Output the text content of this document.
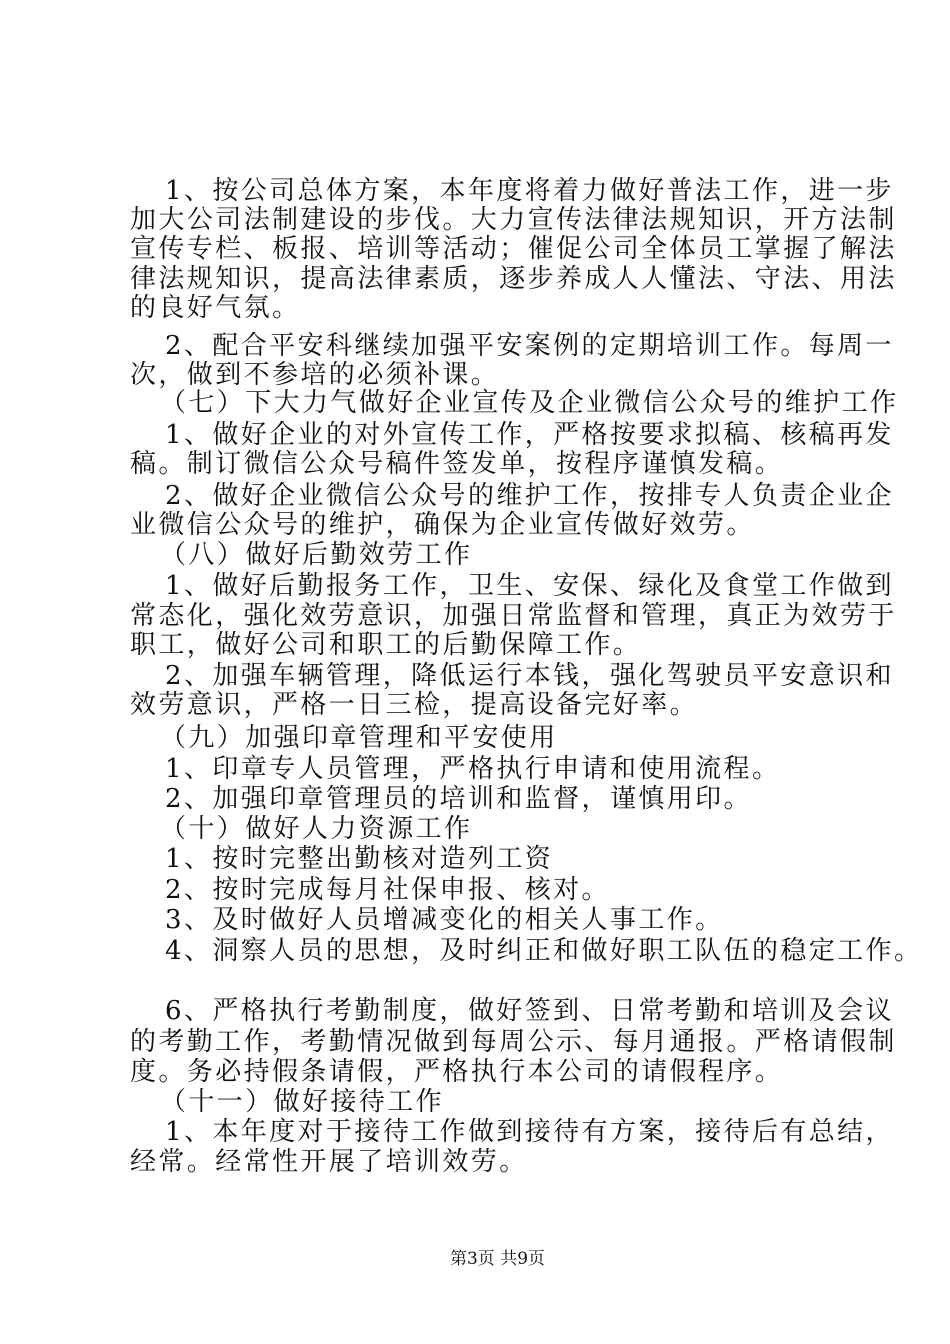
1、按公司总体方案，本年度将着力做好普法工作，进一步
加大公司法制建设的步伐。大力宣传法律法规知识，开方法制
宣传专栏、板报、培训等活动；催促公司全体员工掌握了解法
律法规知识，提高法律素质，逐步养成人人懂法、守法、用法
的良好气氛。
2、配合平安科继续加强平安案例的定期培训工作。每周一
次，做到不参培的必须补课。
（七）下大力气做好企业宣传及企业微信公众号的维护工作
1、做好企业的对外宣传工作，严格按要求拟稿、核稿再发
稿。制订微信公众号稿件签发单，按程序谨慎发稿。
2、做好企业微信公众号的维护工作，按排专人负责企业企
业微信公众号的维护，确保为企业宣传做好效劳。
（八）做好后勤效劳工作
1、做好后勤报务工作，卫生、安保、绿化及食堂工作做到
常态化，强化效劳意识，加强日常监督和管理，真正为效劳于
职工，做好公司和职工的后勤保障工作。
2、加强车辆管理，降低运行本钱，强化驾驶员平安意识和
效劳意识，严格一日三检，提高设备完好率。
（九）加强印章管理和平安使用
1、印章专人员管理，严格执行申请和使用流程。
2、加强印章管理员的培训和监督，谨慎用印。
（十）做好人力资源工作
1、按时完整出勤核对造列工资
2、按时完成每月社保申报、核对。
3、及时做好人员增减变化的相关人事工作。
4、洞察人员的思想，及时纠正和做好职工队伍的稳定工作。
6、严格执行考勤制度，做好签到、日常考勤和培训及会议
的考勤工作，考勤情况做到每周公示、每月通报。严格请假制
度。务必持假条请假，严格执行本公司的请假程序。
（十一）做好接待工作
1、本年度对于接待工作做到接待有方案，接待后有总结，
经常。经常性开展了培训效劳。
第3页 共9页
